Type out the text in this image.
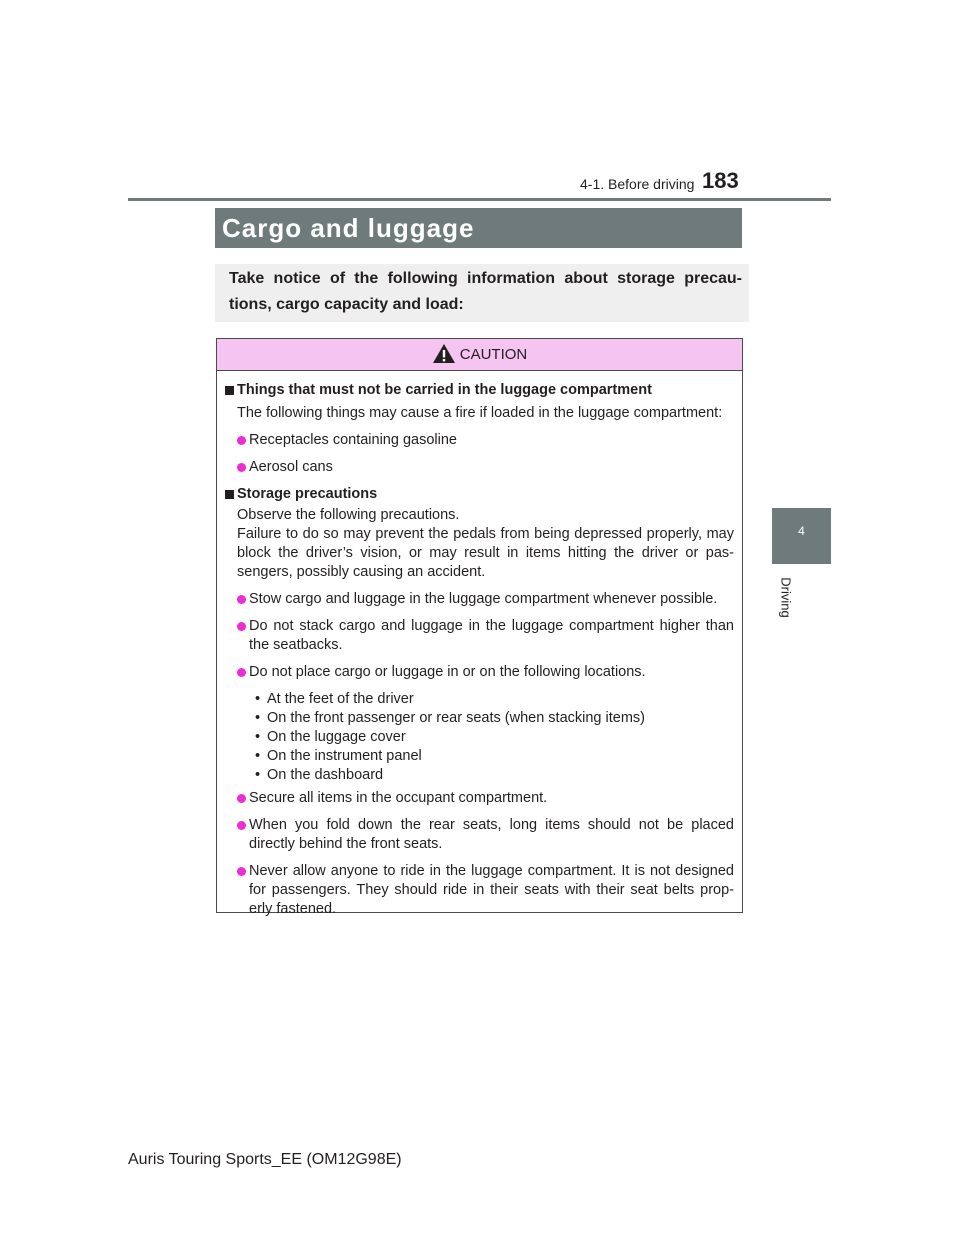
4-1. Before driving 183
4
Driving
Cargo and luggage
Take notice of the following information about storage precau-tions, cargo capacity and load:
CAUTION
Things that must not be carried in the luggage compartment
The following things may cause a fire if loaded in the luggage compartment:
Receptacles containing gasoline
Aerosol cans
Storage precautions
Observe the following precautions.
Failure to do so may prevent the pedals from being depressed properly, may block the driver’s vision, or may result in items hitting the driver or pas-sengers, possibly causing an accident.
Stow cargo and luggage in the luggage compartment whenever possible.
Do not stack cargo and luggage in the luggage compartment higher than the seatbacks.
Do not place cargo or luggage in or on the following locations.
• At the feet of the driver
• On the front passenger or rear seats (when stacking items)
• On the luggage cover
• On the instrument panel
• On the dashboard
Secure all items in the occupant compartment.
When you fold down the rear seats, long items should not be placed directly behind the front seats.
Never allow anyone to ride in the luggage compartment. It is not designed for passengers. They should ride in their seats with their seat belts prop-erly fastened.
Auris Touring Sports_EE (OM12G98E)
